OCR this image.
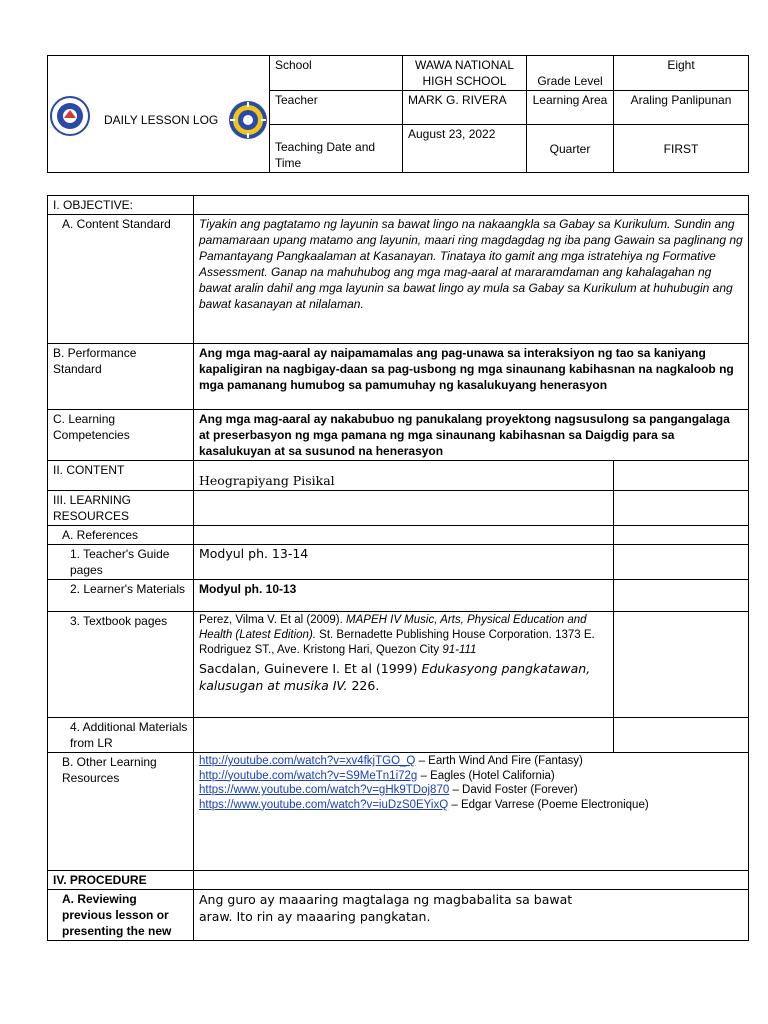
DAILY LESSON LOG	School	WAWA NATIONAL HIGH SCHOOL	Grade Level	Eight
	Teacher	MARK G. RIVERA	Learning Area	Araling Panlipunan
	Teaching Date and Time	August 23, 2022	Quarter	FIRST
I. OBJECTIVE:		
A. Content Standard	Tiyakin ang pagtatamo ng layunin sa bawat lingo na nakaangkla sa Gabay sa Kurikulum. Sundin ang pamamaraan upang matamo ang layunin, maari ring magdagdag ng iba pang Gawain sa paglinang ng Pamantayang Pangkaalaman at Kasanayan. Tinataya ito gamit ang mga istratehiya ng Formative Assessment. Ganap na mahuhubog ang mga mag-aaral at mararamdaman ang kahalagahan ng bawat aralin dahil ang mga layunin sa bawat lingo ay mula sa Gabay sa Kurikulum at huhubugin ang bawat kasanayan at nilalaman.	
B. Performance Standard	Ang mga mag-aaral ay naipamamalas ang pag-unawa sa interaksiyon ng tao sa kaniyang kapaligiran na nagbigay-daan sa pag-usbong ng mga sinaunang kabihasnan na nagkaloob ng mga pamanang humubog sa pamumuhay ng kasalukuyang henerasyon	
C. Learning Competencies	Ang mga mag-aaral ay nakabubuo ng panukalang proyektong nagsusulong sa pangangalaga at preserbasyon ng mga pamana ng mga sinaunang kabihasnan sa Daigdig para sa kasalukuyan at sa susunod na henerasyon	
II. CONTENT	Heograpiyang Pisikal	
III. LEARNING RESOURCES		
A. References		
1. Teacher's Guide pages	Modyul ph. 13-14	
2. Learner's Materials	Modyul ph. 10-13	
3. Textbook pages	Perez, Vilma V. Et al (2009). MAPEH IV Music, Arts, Physical Education and Health (Latest Edition). St. Bernadette Publishing House Corporation. 1373 E. Rodriguez ST., Ave. Kristong Hari, Quezon City 91-111
Sacdalan, Guinevere I. Et al (1999) Edukasyong pangkatawan, kalusugan at musika IV. 226.	

4. Additional Materials from LR		
B. Other Learning Resources	http://youtube.com/watch?v=xv4fkjTGO_Q – Earth Wind And Fire (Fantasy)
http://youtube.com/watch?v=S9MeTn1i72g – Eagles (Hotel California)
https://www.youtube.com/watch?v=gHk9TDoj870 – David Foster (Forever)
https://www.youtube.com/watch?v=iuDzS0EYixQ – Edgar Varrese (Poeme Electronique)	

IV. PROCEDURE		
A. Reviewing previous lesson or presenting the new	Ang guro ay maaaring magtalaga ng magbabalita sa bawat araw. Ito rin ay maaaring pangkatan.	
